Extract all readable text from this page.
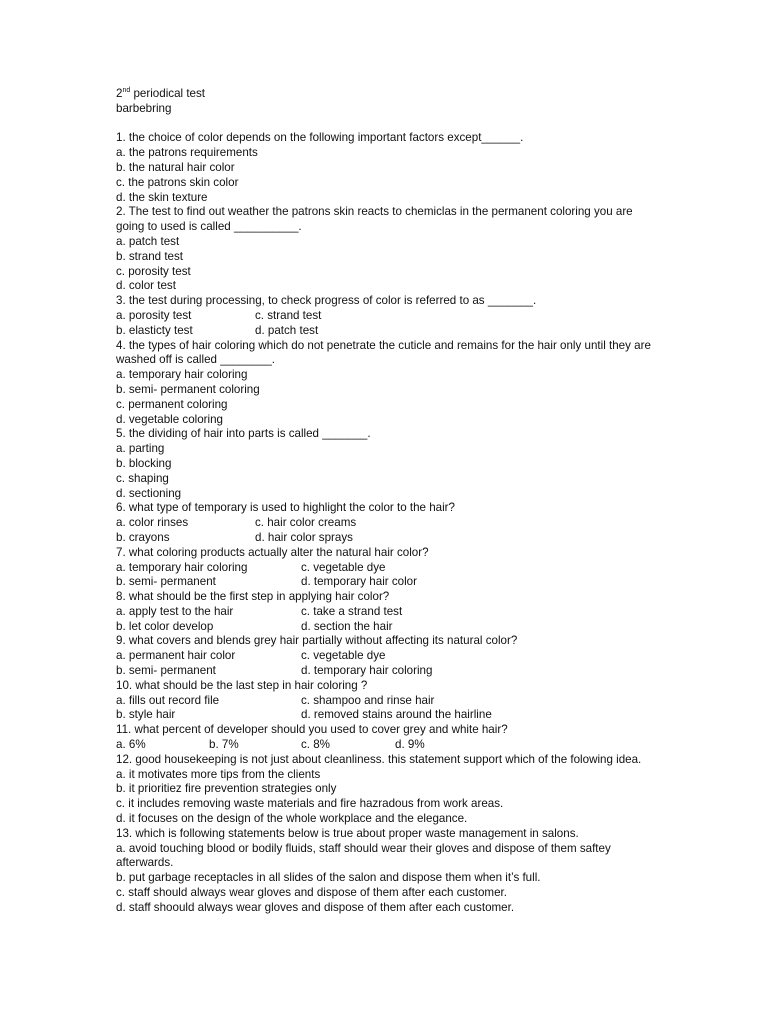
2nd periodical test
barbebring
1. the choice of color depends on the following important factors except______.
a. the patrons requirements
b. the natural hair color
c. the patrons skin color
d. the skin texture
2. The test to find out weather the patrons skin reacts to chemiclas in the permanent coloring you are going to used is called __________.
a. patch test
b. strand test
c. porosity test
d. color test
3. the test during processing, to check progress of color is referred to as _______.
a. porosity test	c. strand test
b. elasticty test	d. patch test
4. the types of hair coloring which do not penetrate the cuticle and remains for the hair only until they are washed off is called ________.
a. temporary hair coloring
b. semi- permanent coloring
c. permanent coloring
d. vegetable coloring
5. the dividing of hair into parts is called _______.
a. parting
b. blocking
c. shaping
d. sectioning
6. what type of temporary is used to highlight the color to the hair?
a. color rinses	c. hair color creams
b. crayons	d. hair color sprays
7. what coloring products actually alter the natural hair color?
a. temporary hair coloring	c. vegetable dye
b. semi- permanent	d. temporary hair color
8. what should be the first step in applying hair color?
a. apply test to the hair	c. take a strand test
b. let color develop	d. section the hair
9. what covers and blends grey hair partially without affecting its natural color?
a. permanent hair color	c. vegetable dye
b. semi- permanent	d. temporary hair coloring
10. what should be the last step in hair coloring ?
a. fills out record file	c. shampoo and rinse hair
b. style hair	d. removed stains around the hairline
11. what percent of developer should you used to cover grey and white hair?
a. 6%	b. 7%	c. 8%	d. 9%
12. good housekeeping is not just about cleanliness. this statement support which of the folowing idea.
a. it motivates more tips from the clients
b. it prioritiez fire prevention strategies only
c. it includes removing waste materials and fire hazradous from work areas.
d. it focuses on the design of the whole workplace and the elegance.
13. which is following statements below is true about proper waste management in salons.
a. avoid touching blood or bodily fluids, staff should wear their gloves and dispose of them saftey afterwards.
b. put garbage receptacles in all slides of the salon and dispose them when it’s full.
c. staff should always wear gloves and dispose of them after each customer.
d. staff shoould always wear gloves and dispose of them after each customer.
